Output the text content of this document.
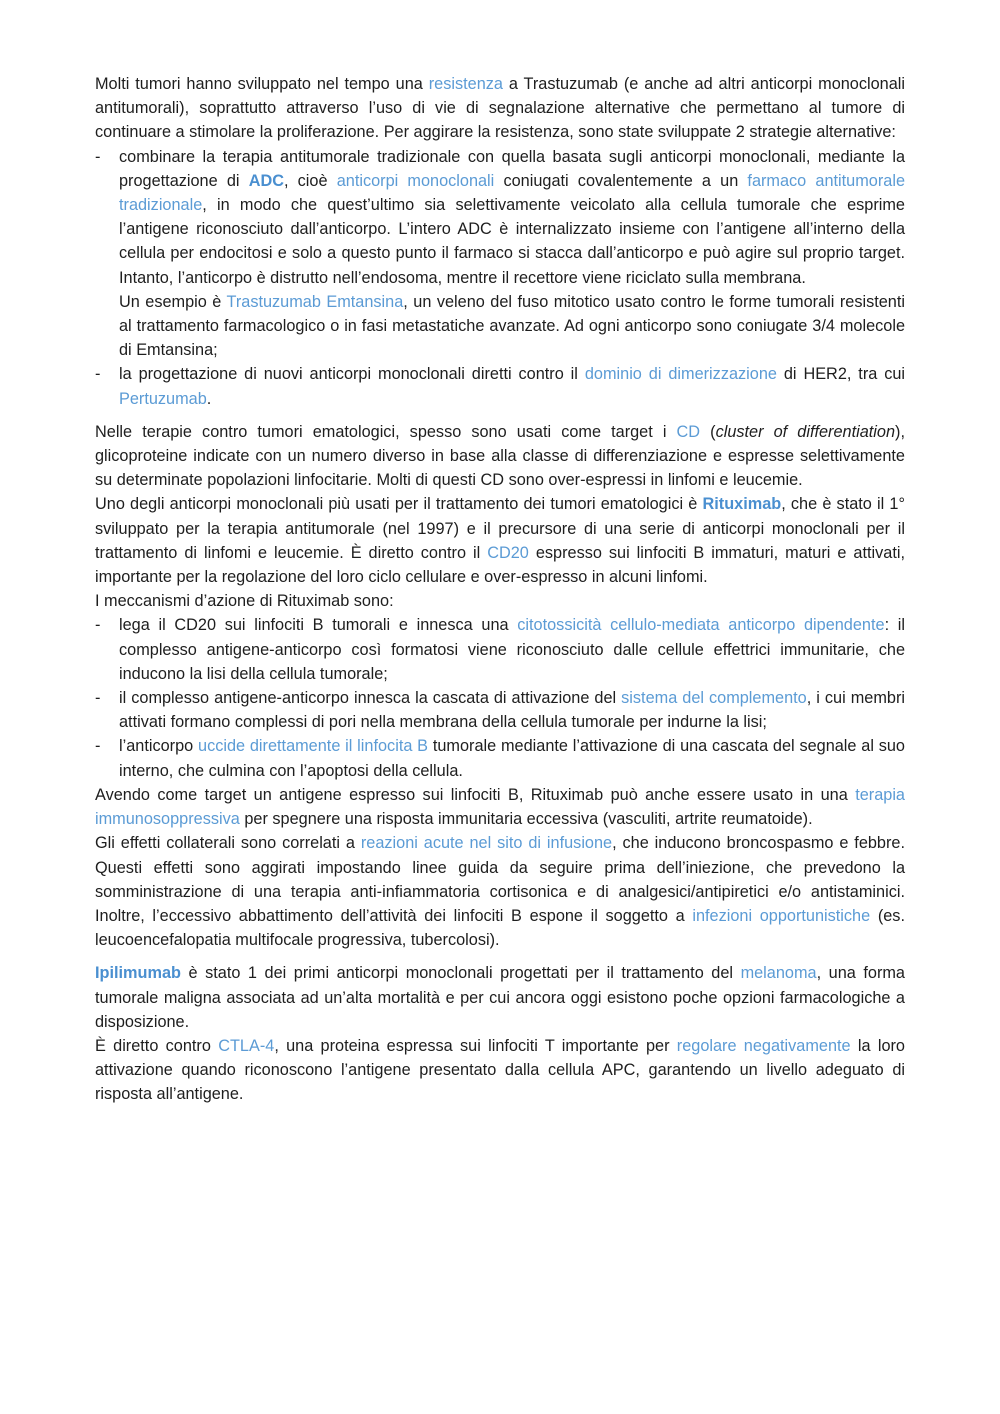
Molti tumori hanno sviluppato nel tempo una resistenza a Trastuzumab (e anche ad altri anticorpi monoclonali antitumorali), soprattutto attraverso l’uso di vie di segnalazione alternative che permettano al tumore di continuare a stimolare la proliferazione. Per aggirare la resistenza, sono state sviluppate 2 strategie alternative:

- combinare la terapia antitumorale tradizionale con quella basata sugli anticorpi monoclonali, mediante la progettazione di ADC, cioè anticorpi monoclonali coniugati covalentemente a un farmaco antitumorale tradizionale, in modo che quest’ultimo sia selettivamente veicolato alla cellula tumorale che esprime l’antigene riconosciuto dall’anticorpo. L’intero ADC è internalizzato insieme con l’antigene all’interno della cellula per endocitosi e solo a questo punto il farmaco si stacca dall’anticorpo e può agire sul proprio target. Intanto, l’anticorpo è distrutto nell’endosoma, mentre il recettore viene riciclato sulla membrana.
Un esempio è Trastuzumab Emtansina, un veleno del fuso mitotico usato contro le forme tumorali resistenti al trattamento farmacologico o in fasi metastatiche avanzate. Ad ogni anticorpo sono coniugate 3/4 molecole di Emtansina;
- la progettazione di nuovi anticorpi monoclonali diretti contro il dominio di dimerizzazione di HER2, tra cui Pertuzumab.

Nelle terapie contro tumori ematologici, spesso sono usati come target i CD (cluster of differentiation), glicoproteine indicate con un numero diverso in base alla classe di differenziazione e espresse selettivamente su determinate popolazioni linfocitarie. Molti di questi CD sono over-espressi in linfomi e leucemie.

Uno degli anticorpi monoclonali più usati per il trattamento dei tumori ematologici è Rituximab, che è stato il 1° sviluppato per la terapia antitumorale (nel 1997) e il precursore di una serie di anticorpi monoclonali per il trattamento di linfomi e leucemie. È diretto contro il CD20 espresso sui linfociti B immaturi, maturi e attivati, importante per la regolazione del loro ciclo cellulare e over-espresso in alcuni linfomi.

I meccanismi d’azione di Rituximab sono:

- lega il CD20 sui linfociti B tumorali e innesca una citotossicità cellulo-mediata anticorpo dipendente: il complesso antigene-anticorpo così formatosi viene riconosciuto dalle cellule effettrici immunitarie, che inducono la lisi della cellula tumorale;
- il complesso antigene-anticorpo innesca la cascata di attivazione del sistema del complemento, i cui membri attivati formano complessi di pori nella membrana della cellula tumorale per indurne la lisi;
- l’anticorpo uccide direttamente il linfocita B tumorale mediante l’attivazione di una cascata del segnale al suo interno, che culmina con l’apoptosi della cellula.

Avendo come target un antigene espresso sui linfociti B, Rituximab può anche essere usato in una terapia immunosoppressiva per spegnere una risposta immunitaria eccessiva (vasculiti, artrite reumatoide).

Gli effetti collaterali sono correlati a reazioni acute nel sito di infusione, che inducono broncospasmo e febbre. Questi effetti sono aggirati impostando linee guida da seguire prima dell’iniezione, che prevedono la somministrazione di una terapia anti-infiammatoria cortisonica e di analgesici/antipiretici e/o antistaminici. Inoltre, l’eccessivo abbattimento dell’attività dei linfociti B espone il soggetto a infezioni opportunistiche (es. leucoencefalopatia multifocale progressiva, tubercolosi).

Ipilimumab è stato 1 dei primi anticorpi monoclonali progettati per il trattamento del melanoma, una forma tumorale maligna associata ad un’alta mortalità e per cui ancora oggi esistono poche opzioni farmacologiche a disposizione.

È diretto contro CTLA-4, una proteina espressa sui linfociti T importante per regolare negativamente la loro attivazione quando riconoscono l’antigene presentato dalla cellula APC, garantendo un livello adeguato di risposta all’antigene.
